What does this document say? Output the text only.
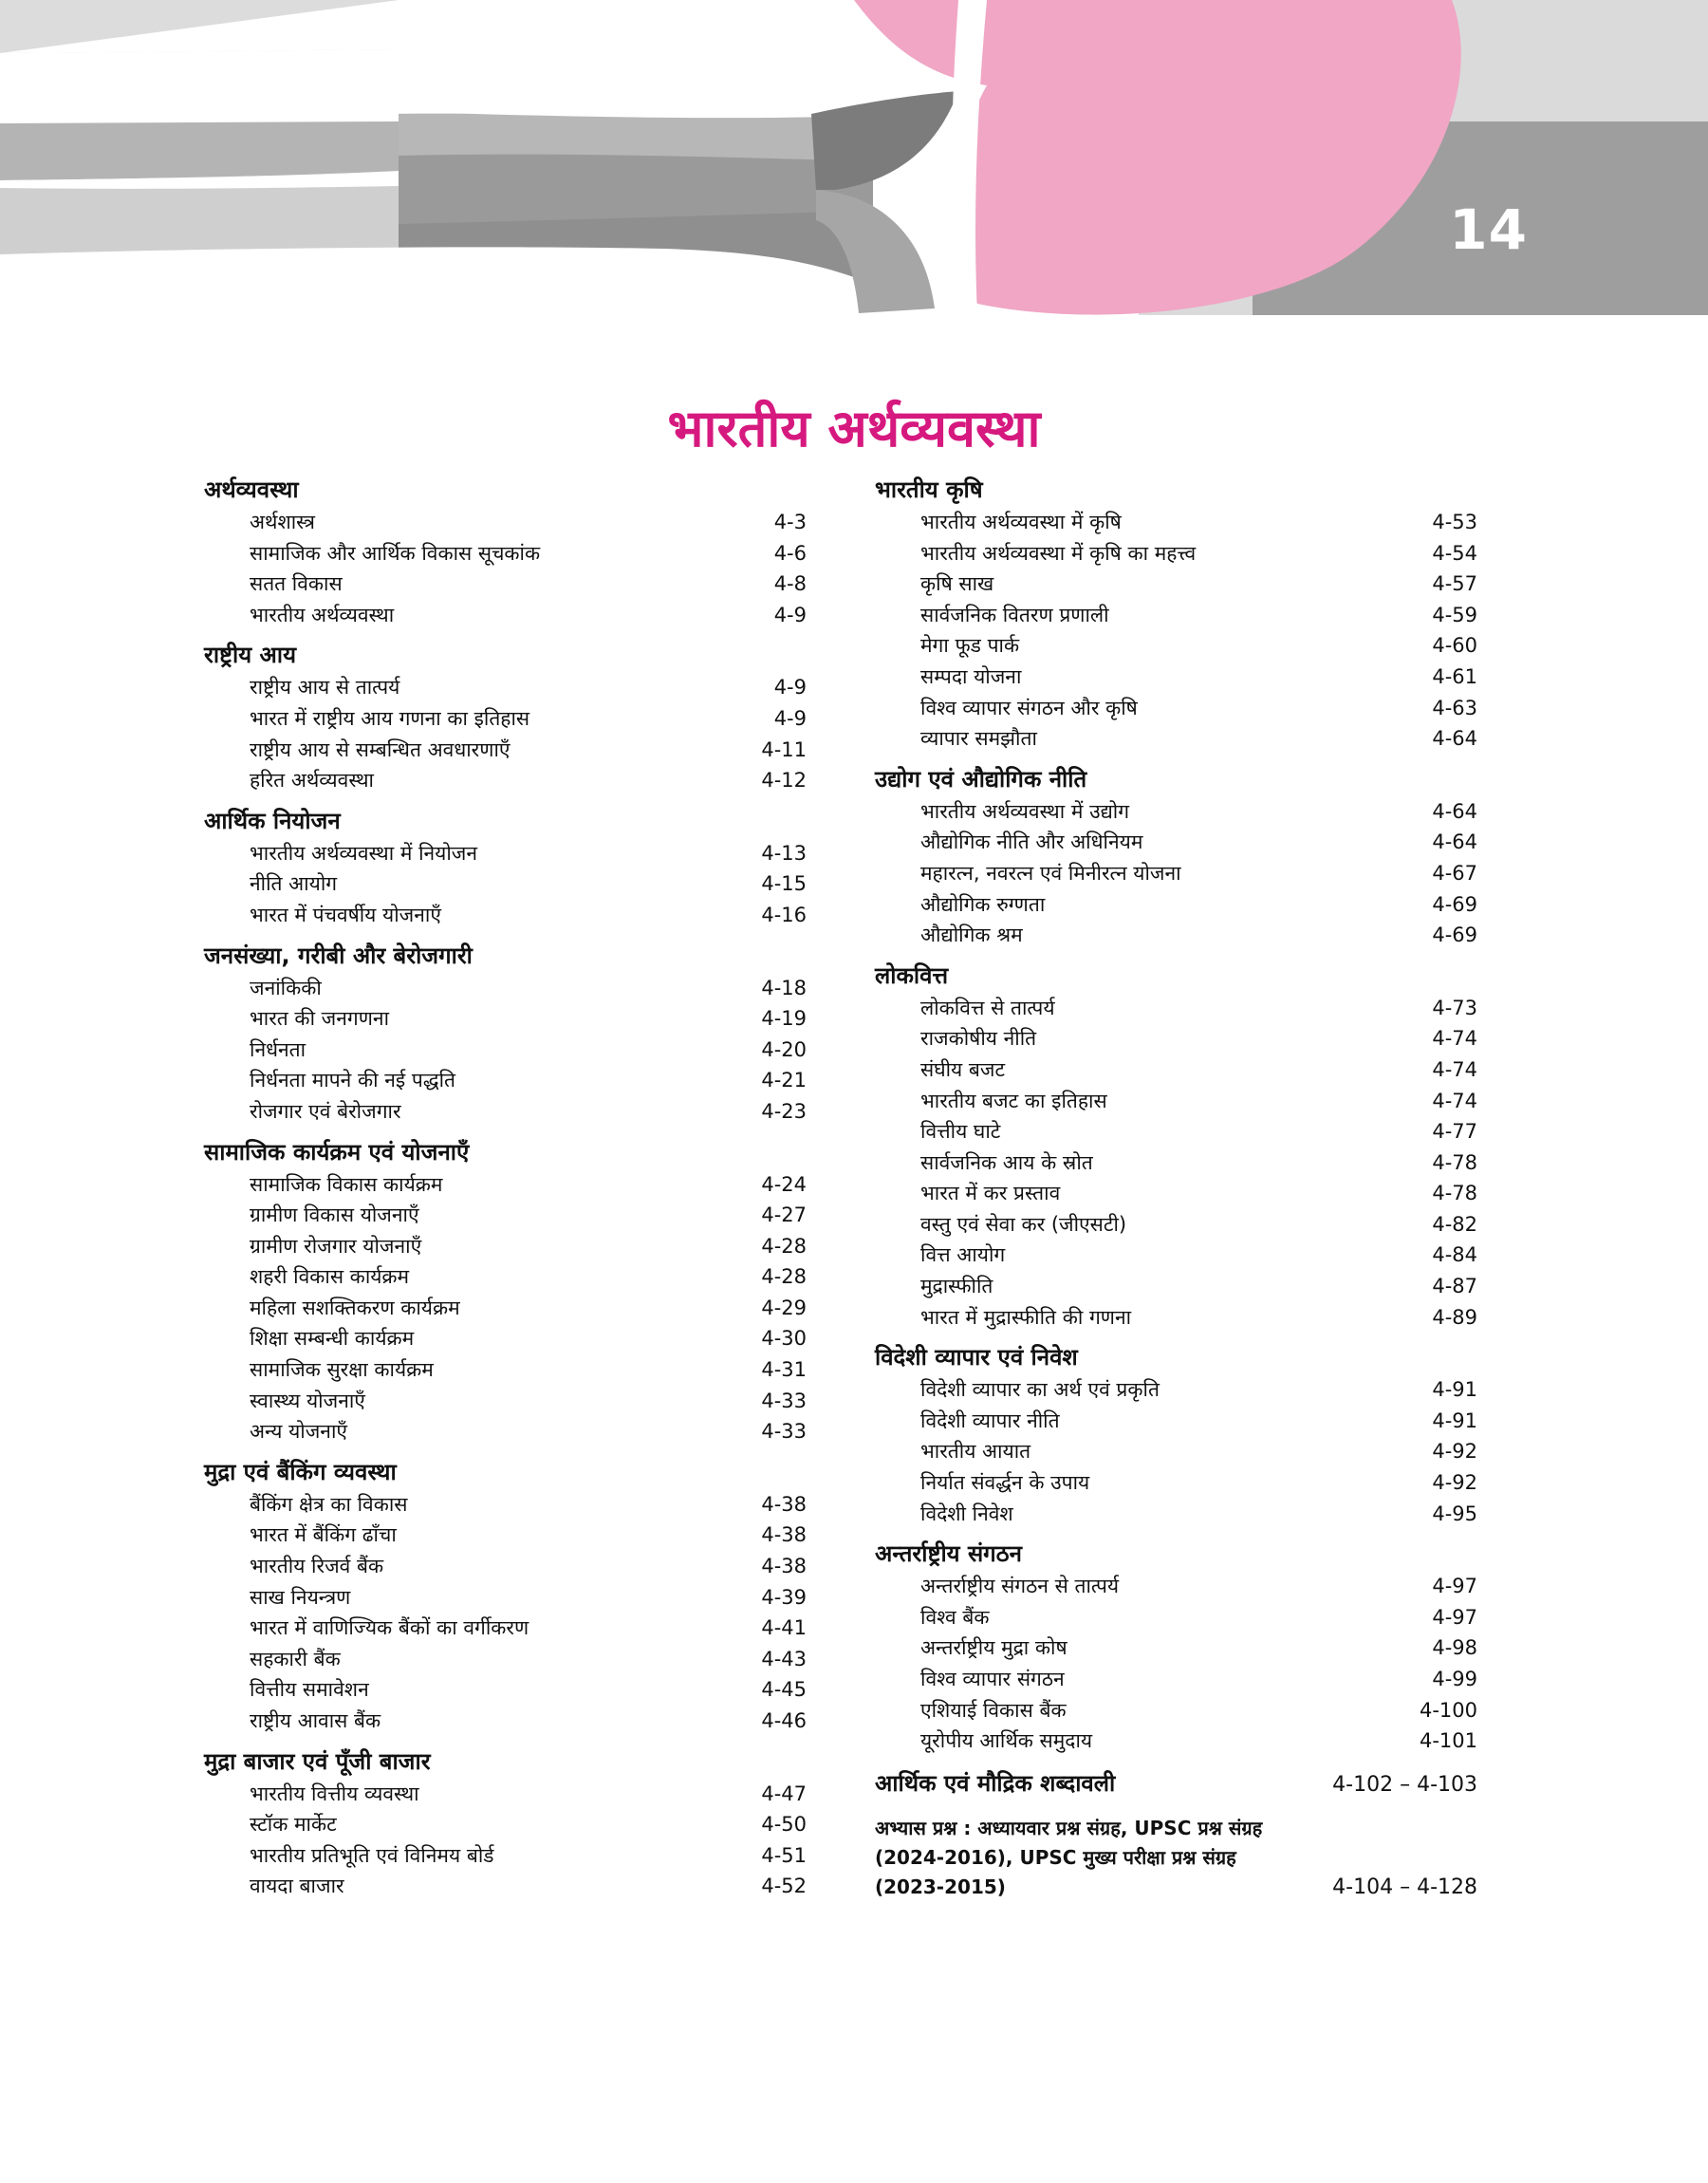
14
भारतीय अर्थव्यवस्था
अर्थव्यवस्था
अर्थशास्त्र	4-3
सामाजिक और आर्थिक विकास सूचकांक	4-6
सतत विकास	4-8
भारतीय अर्थव्यवस्था	4-9
राष्ट्रीय आय
राष्ट्रीय आय से तात्पर्य	4-9
भारत में राष्ट्रीय आय गणना का इतिहास	4-9
राष्ट्रीय आय से सम्बन्धित अवधारणाएँ	4-11
हरित अर्थव्यवस्था	4-12
आर्थिक नियोजन
भारतीय अर्थव्यवस्था में नियोजन	4-13
नीति आयोग	4-15
भारत में पंचवर्षीय योजनाएँ	4-16
जनसंख्या, गरीबी और बेरोजगारी
जनांकिकी	4-18
भारत की जनगणना	4-19
निर्धनता	4-20
निर्धनता मापने की नई पद्धति	4-21
रोजगार एवं बेरोजगार	4-23
सामाजिक कार्यक्रम एवं योजनाएँ
सामाजिक विकास कार्यक्रम	4-24
ग्रामीण विकास योजनाएँ	4-27
ग्रामीण रोजगार योजनाएँ	4-28
शहरी विकास कार्यक्रम	4-28
महिला सशक्तिकरण कार्यक्रम	4-29
शिक्षा सम्बन्धी कार्यक्रम	4-30
सामाजिक सुरक्षा कार्यक्रम	4-31
स्वास्थ्य योजनाएँ	4-33
अन्य योजनाएँ	4-33
मुद्रा एवं बैंकिंग व्यवस्था
बैंकिंग क्षेत्र का विकास	4-38
भारत में बैंकिंग ढाँचा	4-38
भारतीय रिजर्व बैंक	4-38
साख नियन्त्रण	4-39
भारत में वाणिज्यिक बैंकों का वर्गीकरण	4-41
सहकारी बैंक	4-43
वित्तीय समावेशन	4-45
राष्ट्रीय आवास बैंक	4-46
मुद्रा बाजार एवं पूँजी बाजार
भारतीय वित्तीय व्यवस्था	4-47
स्टॉक मार्केट	4-50
भारतीय प्रतिभूति एवं विनिमय बोर्ड	4-51
वायदा बाजार	4-52
भारतीय कृषि
भारतीय अर्थव्यवस्था में कृषि	4-53
भारतीय अर्थव्यवस्था में कृषि का महत्त्व	4-54
कृषि साख	4-57
सार्वजनिक वितरण प्रणाली	4-59
मेगा फूड पार्क	4-60
सम्पदा योजना	4-61
विश्व व्यापार संगठन और कृषि	4-63
व्यापार समझौता	4-64
उद्योग एवं औद्योगिक नीति
भारतीय अर्थव्यवस्था में उद्योग	4-64
औद्योगिक नीति और अधिनियम	4-64
महारत्न, नवरत्न एवं मिनीरत्न योजना	4-67
औद्योगिक रुग्णता	4-69
औद्योगिक श्रम	4-69
लोकवित्त
लोकवित्त से तात्पर्य	4-73
राजकोषीय नीति	4-74
संघीय बजट	4-74
भारतीय बजट का इतिहास	4-74
वित्तीय घाटे	4-77
सार्वजनिक आय के स्रोत	4-78
भारत में कर प्रस्ताव	4-78
वस्तु एवं सेवा कर (जीएसटी)	4-82
वित्त आयोग	4-84
मुद्रास्फीति	4-87
भारत में मुद्रास्फीति की गणना	4-89
विदेशी व्यापार एवं निवेश
विदेशी व्यापार का अर्थ एवं प्रकृति	4-91
विदेशी व्यापार नीति	4-91
भारतीय आयात	4-92
निर्यात संवर्द्धन के उपाय	4-92
विदेशी निवेश	4-95
अन्तर्राष्ट्रीय संगठन
अन्तर्राष्ट्रीय संगठन से तात्पर्य	4-97
विश्व बैंक	4-97
अन्तर्राष्ट्रीय मुद्रा कोष	4-98
विश्व व्यापार संगठन	4-99
एशियाई विकास बैंक	4-100
यूरोपीय आर्थिक समुदाय	4-101
आर्थिक एवं मौद्रिक शब्दावली	4-102 – 4-103
अभ्यास प्रश्न : अध्यायवार प्रश्न संग्रह, UPSC प्रश्न संग्रह (2024-2016), UPSC मुख्य परीक्षा प्रश्न संग्रह (2023-2015)	4-104 – 4-128
